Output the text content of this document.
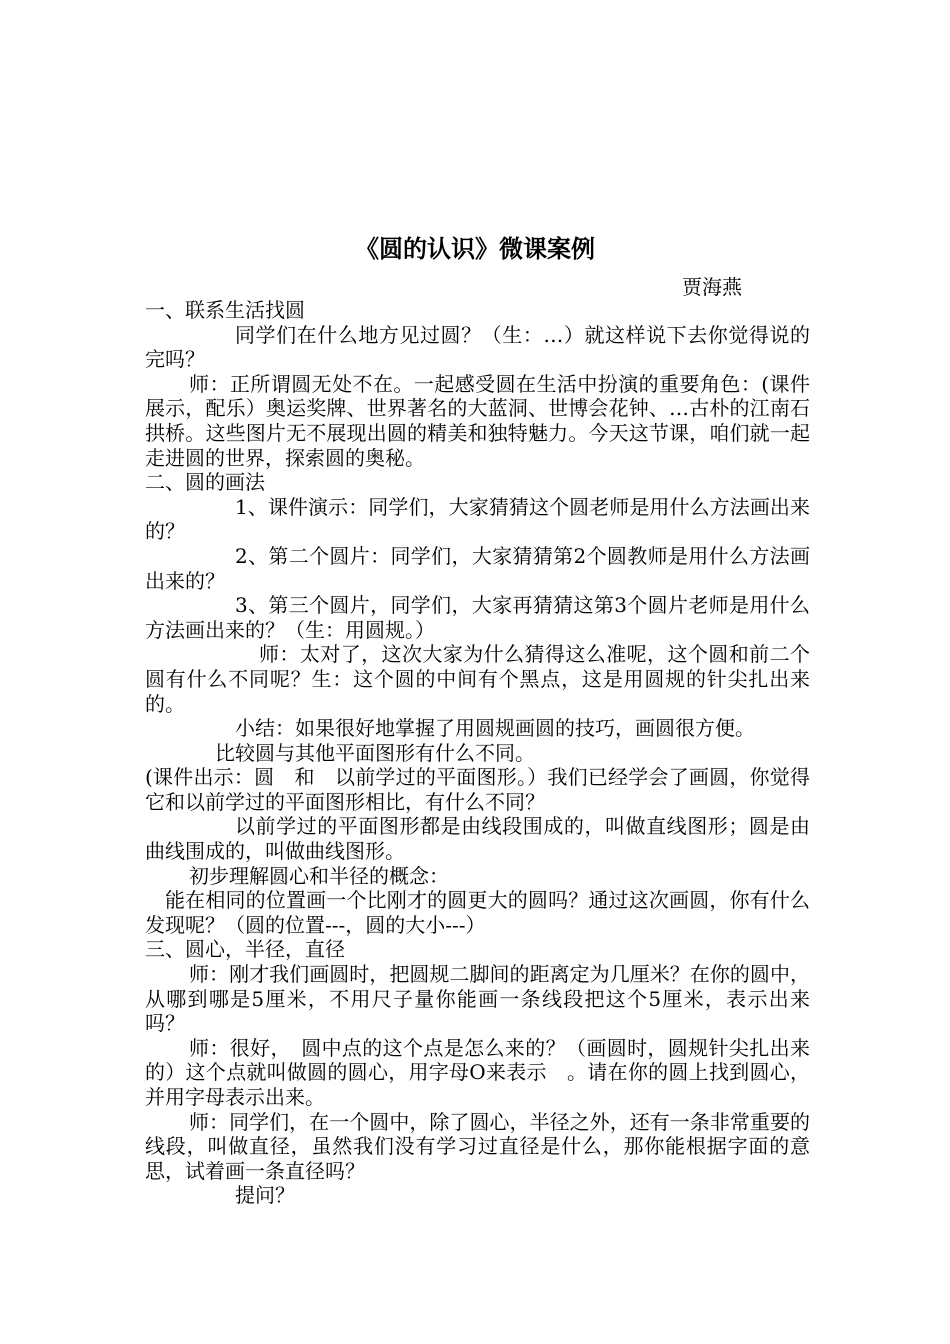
《圆的认识》微课案例
贾海燕

一、联系生活找圆

同学们在什么地方见过圆？（生：…）就这样说下去你觉得说的完吗？

师：正所谓圆无处不在。一起感受圆在生活中扮演的重要角色：(课件展示，配乐）奥运奖牌、世界著名的大蓝洞、世博会花钟、…古朴的江南石拱桥。这些图片无不展现出圆的精美和独特魅力。今天这节课，咱们就一起走进圆的世界，探索圆的奥秘。

二、圆的画法

1、课件演示：同学们，大家猜猜这个圆老师是用什么方法画出来的？

2、第二个圆片：同学们，大家猜猜第2个圆教师是用什么方法画出来的？

3、第三个圆片，同学们，大家再猜猜这第3个圆片老师是用什么方法画出来的？（生：用圆规。）

师：太对了，这次大家为什么猜得这么准呢，这个圆和前二个圆有什么不同呢？生：这个圆的中间有个黑点，这是用圆规的针尖扎出来的。

小结：如果很好地掌握了用圆规画圆的技巧，画圆很方便。

比较圆与其他平面图形有什么不同。

(课件出示：圆　和　以前学过的平面图形。）我们已经学会了画圆，你觉得它和以前学过的平面图形相比，有什么不同？

以前学过的平面图形都是由线段围成的，叫做直线图形；圆是由曲线围成的，叫做曲线图形。

初步理解圆心和半径的概念：

能在相同的位置画一个比刚才的圆更大的圆吗？通过这次画圆，你有什么发现呢？（圆的位置---，圆的大小---）

三、圆心，半径，直径

师：刚才我们画圆时，把圆规二脚间的距离定为几厘米？在你的圆中，从哪到哪是5厘米，不用尺子量你能画一条线段把这个5厘米，表示出来吗？

师：很好，　圆中点的这个点是怎么来的？（画圆时，圆规针尖扎出来的）这个点就叫做圆的圆心，用字母O来表示　。请在你的圆上找到圆心，并用字母表示出来。

师：同学们，在一个圆中，除了圆心，半径之外，还有一条非常重要的线段，叫做直径，虽然我们没有学习过直径是什么，那你能根据字面的意思，试着画一条直径吗？

提问？
